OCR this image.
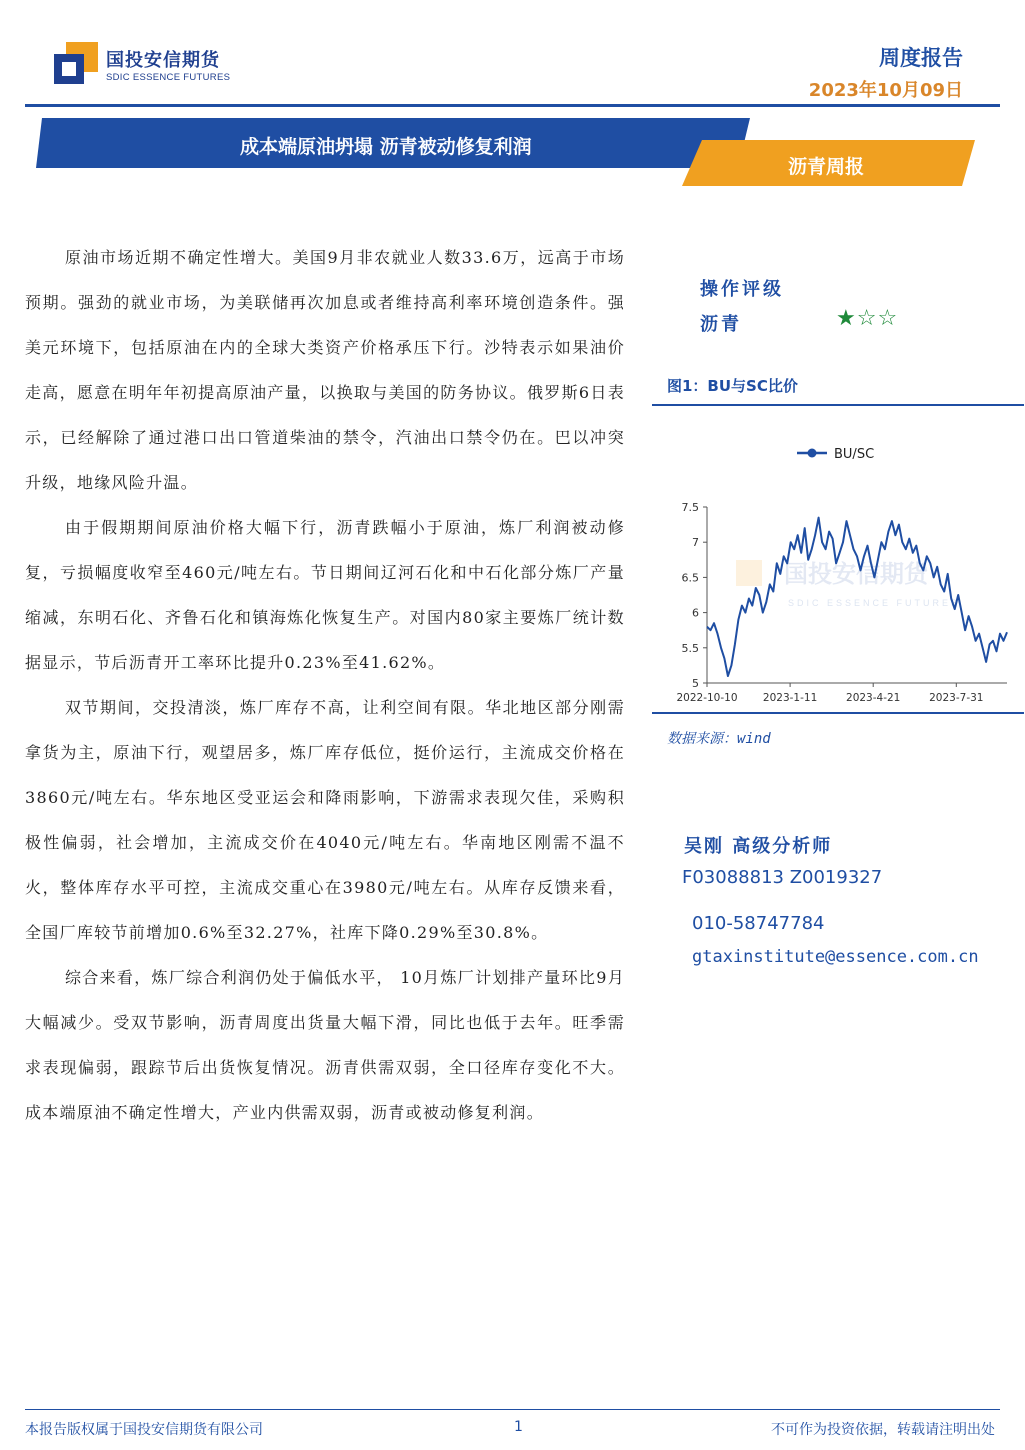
国投安信期货
SDIC ESSENCE FUTURES
周度报告
2023年10月09日
成本端原油坍塌 沥青被动修复利润
沥青周报

原油市场近期不确定性增大。美国9月非农就业人数33.6万，远高于市场预期。强劲的就业市场，为美联储再次加息或者维持高利率环境创造条件。强美元环境下，包括原油在内的全球大类资产价格承压下行。沙特表示如果油价走高，愿意在明年年初提高原油产量，以换取与美国的防务协议。俄罗斯6日表示，已经解除了通过港口出口管道柴油的禁令，汽油出口禁令仍在。巴以冲突升级，地缘风险升温。

由于假期期间原油价格大幅下行，沥青跌幅小于原油，炼厂利润被动修复，亏损幅度收窄至460元/吨左右。节日期间辽河石化和中石化部分炼厂产量缩减，东明石化、齐鲁石化和镇海炼化恢复生产。对国内80家主要炼厂统计数据显示，节后沥青开工率环比提升0.23%至41.62%。

双节期间，交投清淡，炼厂库存不高，让利空间有限。华北地区部分刚需拿货为主，原油下行，观望居多，炼厂库存低位，挺价运行，主流成交价格在3860元/吨左右。华东地区受亚运会和降雨影响，下游需求表现欠佳，采购积极性偏弱，社会增加，主流成交价在4040元/吨左右。华南地区刚需不温不火，整体库存水平可控，主流成交重心在3980元/吨左右。从库存反馈来看，全国厂库较节前增加0.6%至32.27%，社库下降0.29%至30.8%。

综合来看，炼厂综合利润仍处于偏低水平， 10月炼厂计划排产量环比9月大幅减少。受双节影响，沥青周度出货量大幅下滑，同比也低于去年。旺季需求表现偏弱，跟踪节后出货恢复情况。沥青供需双弱，全口径库存变化不大。成本端原油不确定性增大，产业内供需双弱，沥青或被动修复利润。

操作评级
沥青	★☆☆
图1：BU与SC比价
国投安信期货
SDIC ESSENCE FUTURES
5
5.5
6
6.5
7
7.5
2022-10-10 2023-1-11	2023-4-21	2023-7-31
BU/SC
数据来源：wind
吴刚 高级分析师
F03088813 Z0019327
010-58747784
gtaxinstitute@essence.com.cn
本报告版权属于国投安信期货有限公司	1	不可作为投资依据，转载请注明出处
